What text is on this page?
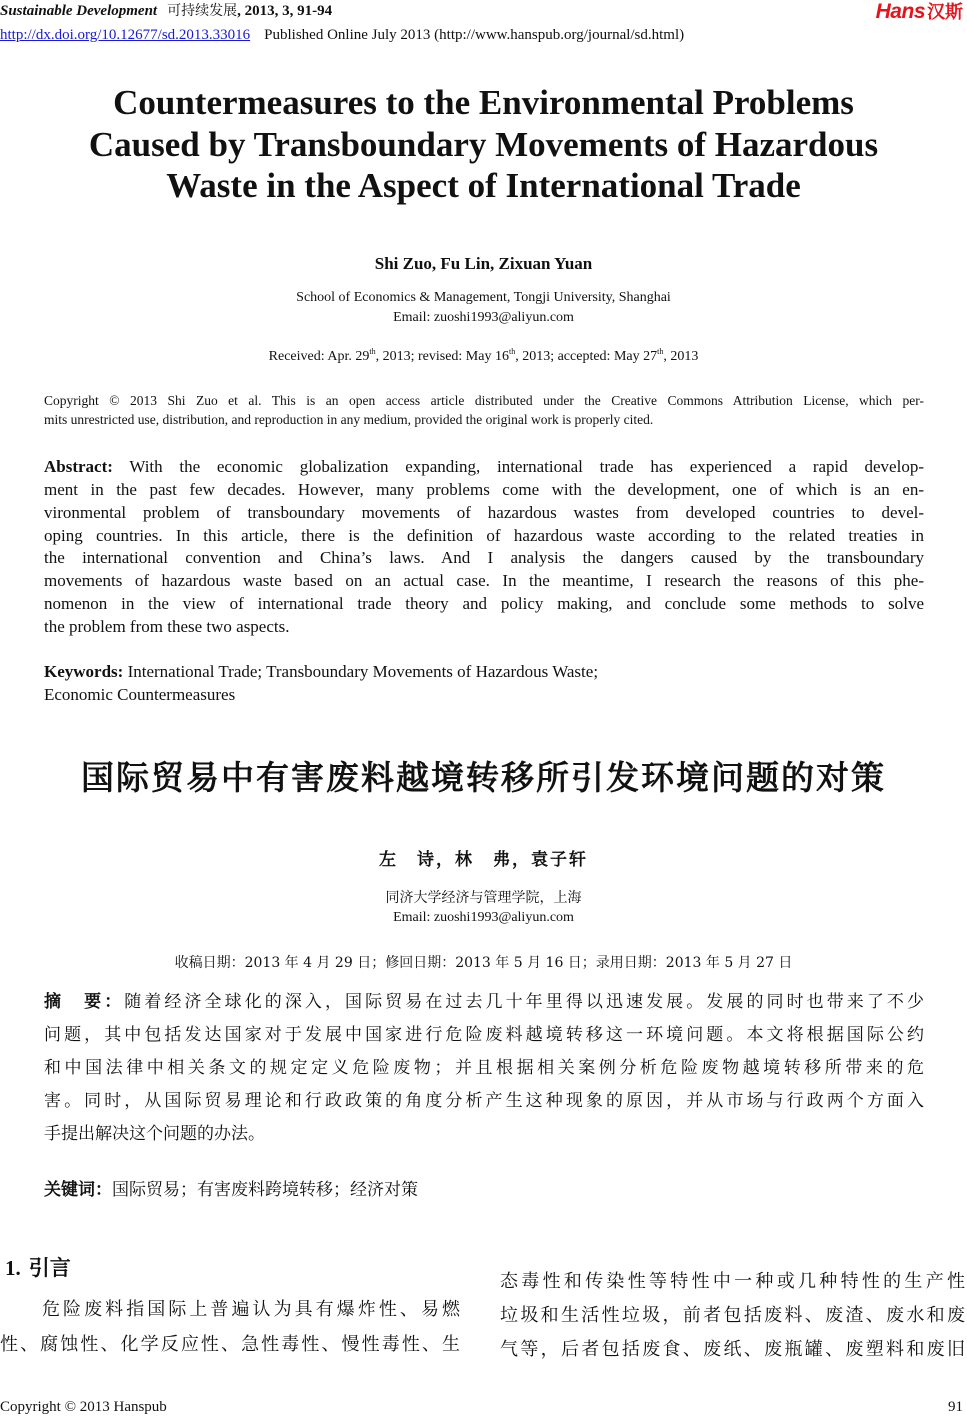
Sustainable Development 可持续发展, 2013, 3, 91-94
http://dx.doi.org/10.12677/sd.2013.33016 Published Online July 2013 (http://www.hanspub.org/journal/sd.html)
Hans 汉斯
Countermeasures to the Environmental Problems
Caused by Transboundary Movements of Hazardous
Waste in the Aspect of International Trade
Shi Zuo, Fu Lin, Zixuan Yuan
School of Economics & Management, Tongji University, Shanghai
Email: zuoshi1993@aliyun.com
Received: Apr. 29th, 2013; revised: May 16th, 2013; accepted: May 27th, 2013
Copyright © 2013 Shi Zuo et al. This is an open access article distributed under the Creative Commons Attribution License, which per-
mits unrestricted use, distribution, and reproduction in any medium, provided the original work is properly cited.
Abstract: With the economic globalization expanding, international trade has experienced a rapid develop-
ment in the past few decades. However, many problems come with the development, one of which is an en-
vironmental problem of transboundary movements of hazardous wastes from developed countries to devel-
oping countries. In this article, there is the definition of hazardous waste according to the related treaties in
the international convention and China’s laws. And I analysis the dangers caused by the transboundary
movements of hazardous waste based on an actual case. In the meantime, I research the reasons of this phe-
nomenon in the view of international trade theory and policy making, and conclude some methods to solve
the problem from these two aspects.
Keywords: International Trade; Transboundary Movements of Hazardous Waste;
Economic Countermeasures
国际贸易中有害废料越境转移所引发环境问题的对策
左　诗，林　弗，袁子轩
同济大学经济与管理学院，上海
Email: zuoshi1993@aliyun.com
收稿日期：2013 年 4 月 29 日；修回日期：2013 年 5 月 16 日；录用日期：2013 年 5 月 27 日
摘　要：随着经济全球化的深入，国际贸易在过去几十年里得以迅速发展。发展的同时也带来了不少
问题，其中包括发达国家对于发展中国家进行危险废料越境转移这一环境问题。本文将根据国际公约
和中国法律中相关条文的规定定义危险废物；并且根据相关案例分析危险废物越境转移所带来的危
害。同时，从国际贸易理论和行政政策的角度分析产生这种现象的原因，并从市场与行政两个方面入
手提出解决这个问题的办法。
关键词：国际贸易；有害废料跨境转移；经济对策
1. 引言
危险废料指国际上普遍认为具有爆炸性、易燃
性、腐蚀性、化学反应性、急性毒性、慢性毒性、生
态毒性和传染性等特性中一种或几种特性的生产性
垃圾和生活性垃圾，前者包括废料、废渣、废水和废
气等，后者包括废食、废纸、废瓶罐、废塑料和废旧
Copyright © 2013 Hanspub	91
